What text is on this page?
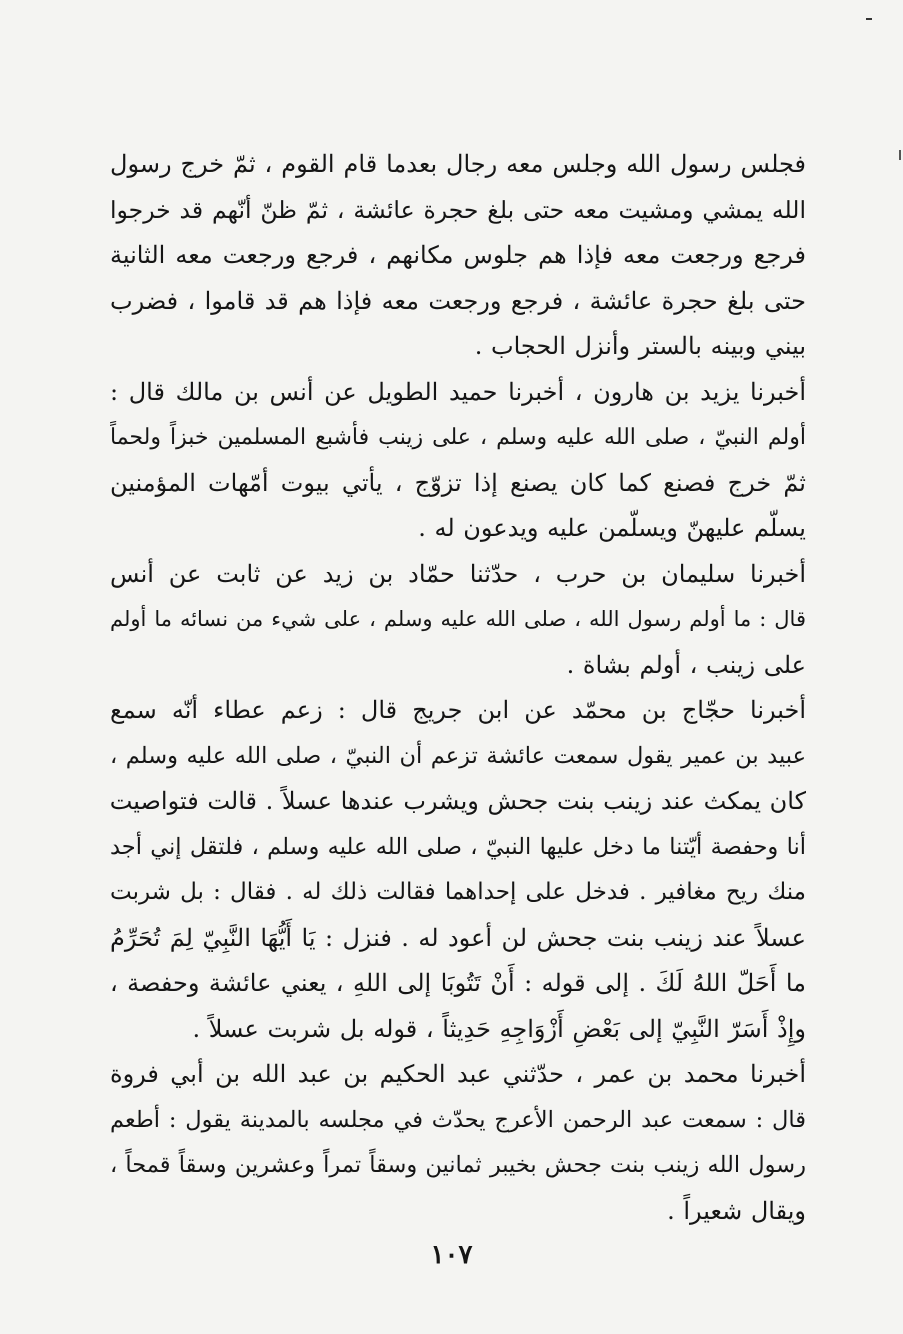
فجلس رسول الله وجلس معه رجال بعدما قام القوم ، ثمّ خرج رسول
الله يمشي ومشيت معه حتى بلغ حجرة عائشة ، ثمّ ظنّ أنّهم قد خرجوا
فرجع ورجعت معه فإذا هم جلوس مكانهم ، فرجع ورجعت معه الثانية
حتى بلغ حجرة عائشة ، فرجع ورجعت معه فإذا هم قد قاموا ، فضرب
بيني وبينه بالستر وأنزل الحجاب .
أخبرنا يزيد بن هارون ، أخبرنا حميد الطويل عن أنس بن مالك قال :
أولم النبيّ ، صلى الله عليه وسلم ، على زينب فأشبع المسلمين خبزاً ولحماً
ثمّ خرج فصنع كما كان يصنع إذا تزوّج ، يأتي بيوت أمّهات المؤمنين
يسلّم عليهنّ ويسلّمن عليه ويدعون له .
أخبرنا سليمان بن حرب ، حدّثنا حمّاد بن زيد عن ثابت عن أنس
قال : ما أولم رسول الله ، صلى الله عليه وسلم ، على شيء من نسائه ما أولم
على زينب ، أولم بشاة .
أخبرنا حجّاج بن محمّد عن ابن جريج قال : زعم عطاء أنّه سمع
عبيد بن عمير يقول سمعت عائشة تزعم أن النبيّ ، صلى الله عليه وسلم ،
كان يمكث عند زينب بنت جحش ويشرب عندها عسلاً . قالت فتواصيت
أنا وحفصة أيّتنا ما دخل عليها النبيّ ، صلى الله عليه وسلم ، فلتقل إني أجد
منك ريح مغافير . فدخل على إحداهما فقالت ذلك له . فقال : بل شربت
عسلاً عند زينب بنت جحش لن أعود له . فنزل : يَا أَيُّهَا النَّبِيّ لِمَ تُحَرِّمُ
ما أَحَلّ اللهُ لَكَ . إلى قوله : أَنْ تَتُوبَا إلى اللهِ ، يعني عائشة وحفصة ،
وإِذْ أَسَرّ النَّبِيّ إلى بَعْضِ أَزْوَاجِهِ حَدِيثاً ، قوله بل شربت عسلاً .
أخبرنا محمد بن عمر ، حدّثني عبد الحكيم بن عبد الله بن أبي فروة
قال : سمعت عبد الرحمن الأعرج يحدّث في مجلسه بالمدينة يقول : أطعم
رسول الله زينب بنت جحش بخيبر ثمانين وسقاً تمراً وعشرين وسقاً قمحاً ،
ويقال شعيراً .
١٠٧
